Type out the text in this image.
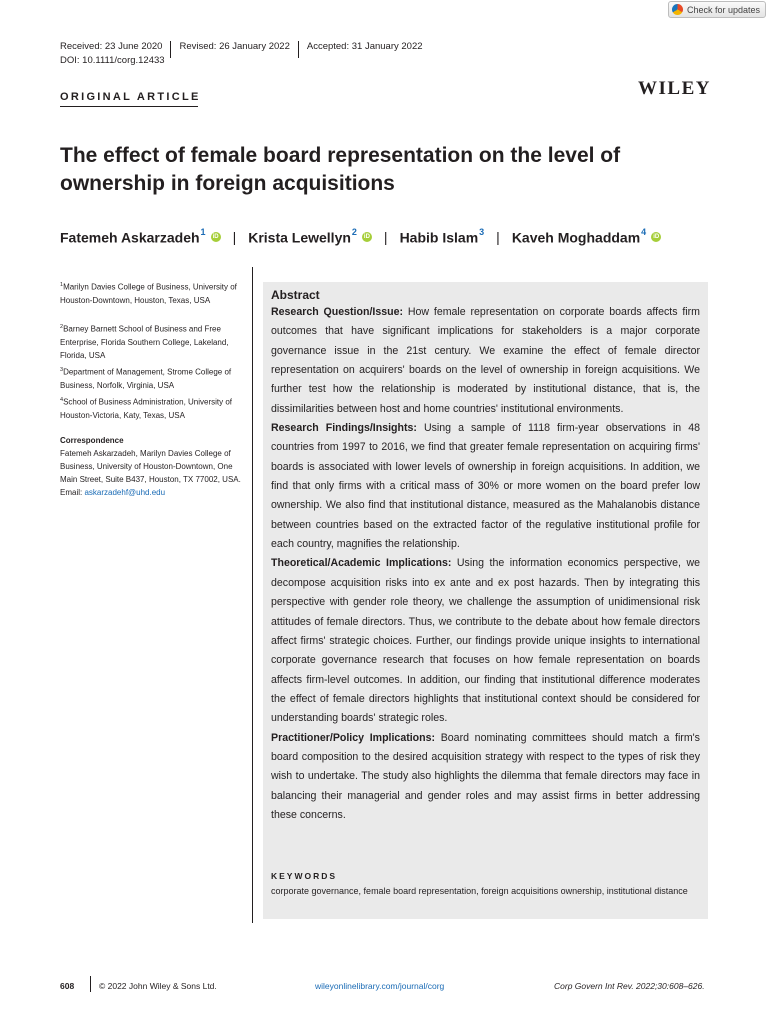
Check for updates
Received: 23 June 2020 Revised: 26 January 2022 Accepted: 31 January 2022
DOI: 10.1111/corg.12433
ORIGINAL ARTICLE	WILEY
The effect of female board representation on the level of ownership in foreign acquisitions
Fatemeh Askarzadeh$^1$
iD | Krista Lewellyn$^2$
iD | Habib Islam$^3$ | Kaveh Moghaddam$^4$
iD
$^1$Marilyn Davies College of Business, University of Houston-Downtown, Houston, Texas, USA
$^2$Barney Barnett School of Business and Free Enterprise, Florida Southern College, Lakeland, Florida, USA
$^3$Department of Management, Strome College of Business, Norfolk, Virginia, USA
$^4$School of Business Administration, University of Houston-Victoria, Katy, Texas, USA
Correspondence
Fatemeh Askarzadeh, Marilyn Davies College of Business, University of Houston-Downtown, One Main Street, Suite B437, Houston, TX 77002, USA.
Email: askarzadehf@uhd.edu
Abstract

Research Question/Issue: How female representation on corporate boards affects firm outcomes that have significant implications for stakeholders is a major corporate governance issue in the 21st century. We examine the effect of female director representation on acquirers' boards on the level of ownership in foreign acquisitions. We further test how the relationship is moderated by institutional distance, that is, the dissimilarities between host and home countries' institutional environments.

Research Findings/Insights: Using a sample of 1118 firm-year observations in 48 countries from 1997 to 2016, we find that greater female representation on acquiring firms' boards is associated with lower levels of ownership in foreign acquisitions. In addition, we find that only firms with a critical mass of 30% or more women on the board prefer low ownership. We also find that institutional distance, measured as the Mahalanobis distance between countries based on the extracted factor of the regulative institutional profile for each country, magnifies the relationship.

Theoretical/Academic Implications: Using the information economics perspective, we decompose acquisition risks into ex ante and ex post hazards. Then by integrating this perspective with gender role theory, we challenge the assumption of unidimensional risk attitudes of female directors. Thus, we contribute to the debate about how female directors affect firms' strategic choices. Further, our findings provide unique insights to international corporate governance research that focuses on how female representation on boards affects firm-level outcomes. In addition, our finding that institutional difference moderates the effect of female directors highlights that institutional context should be considered for understanding boards' strategic roles.

Practitioner/Policy Implications: Board nominating committees should match a firm's board composition to the desired acquisition strategy with respect to the types of risk they wish to undertake. The study also highlights the dilemma that female directors may face in balancing their managerial and gender roles and may assist firms in better addressing these concerns.

KEYWORDS
corporate governance, female board representation, foreign acquisitions ownership, institutional distance
608	© 2022 John Wiley & Sons Ltd.	wileyonlinelibrary.com/journal/corg	Corp Govern Int Rev. 2022;30:608–626.
